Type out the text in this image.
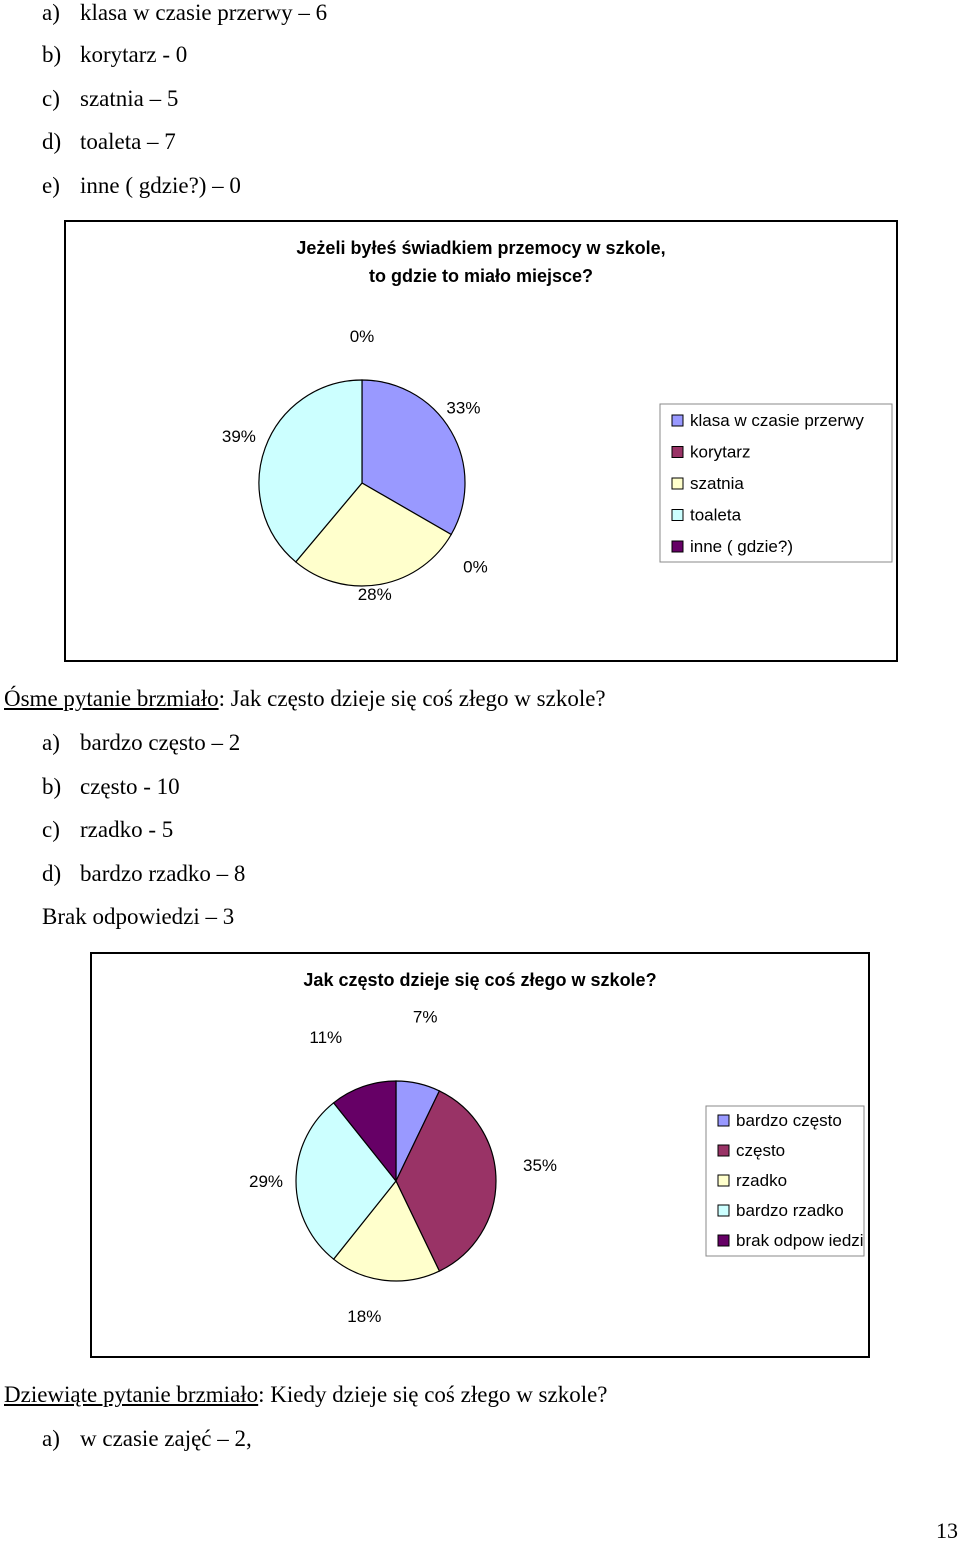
a) klasa w czasie przerwy – 6
b) korytarz - 0
c) szatnia – 5
d) toaleta – 7
e) inne ( gdzie?) – 0
Jeżeli byłeś świadkiem przemocy w szkole,
to gdzie to miało miejsce?
33%
0%
28%
39%
0%
klasa w czasie przerwy
korytarz
szatnia
toaleta
inne ( gdzie?)
Ósme pytanie brzmiało: Jak często dzieje się coś złego w szkole?
a) bardzo często – 2
b) często - 10
c) rzadko - 5
d) bardzo rzadko – 8
Brak odpowiedzi – 3
Jak często dzieje się coś złego w szkole?
7%
35%
18%
29%
11%
bardzo często
często
rzadko
bardzo rzadko
brak odpow iedzi
Dziewiąte pytanie brzmiało: Kiedy dzieje się coś złego w szkole?
a) w czasie zajęć – 2,
13
